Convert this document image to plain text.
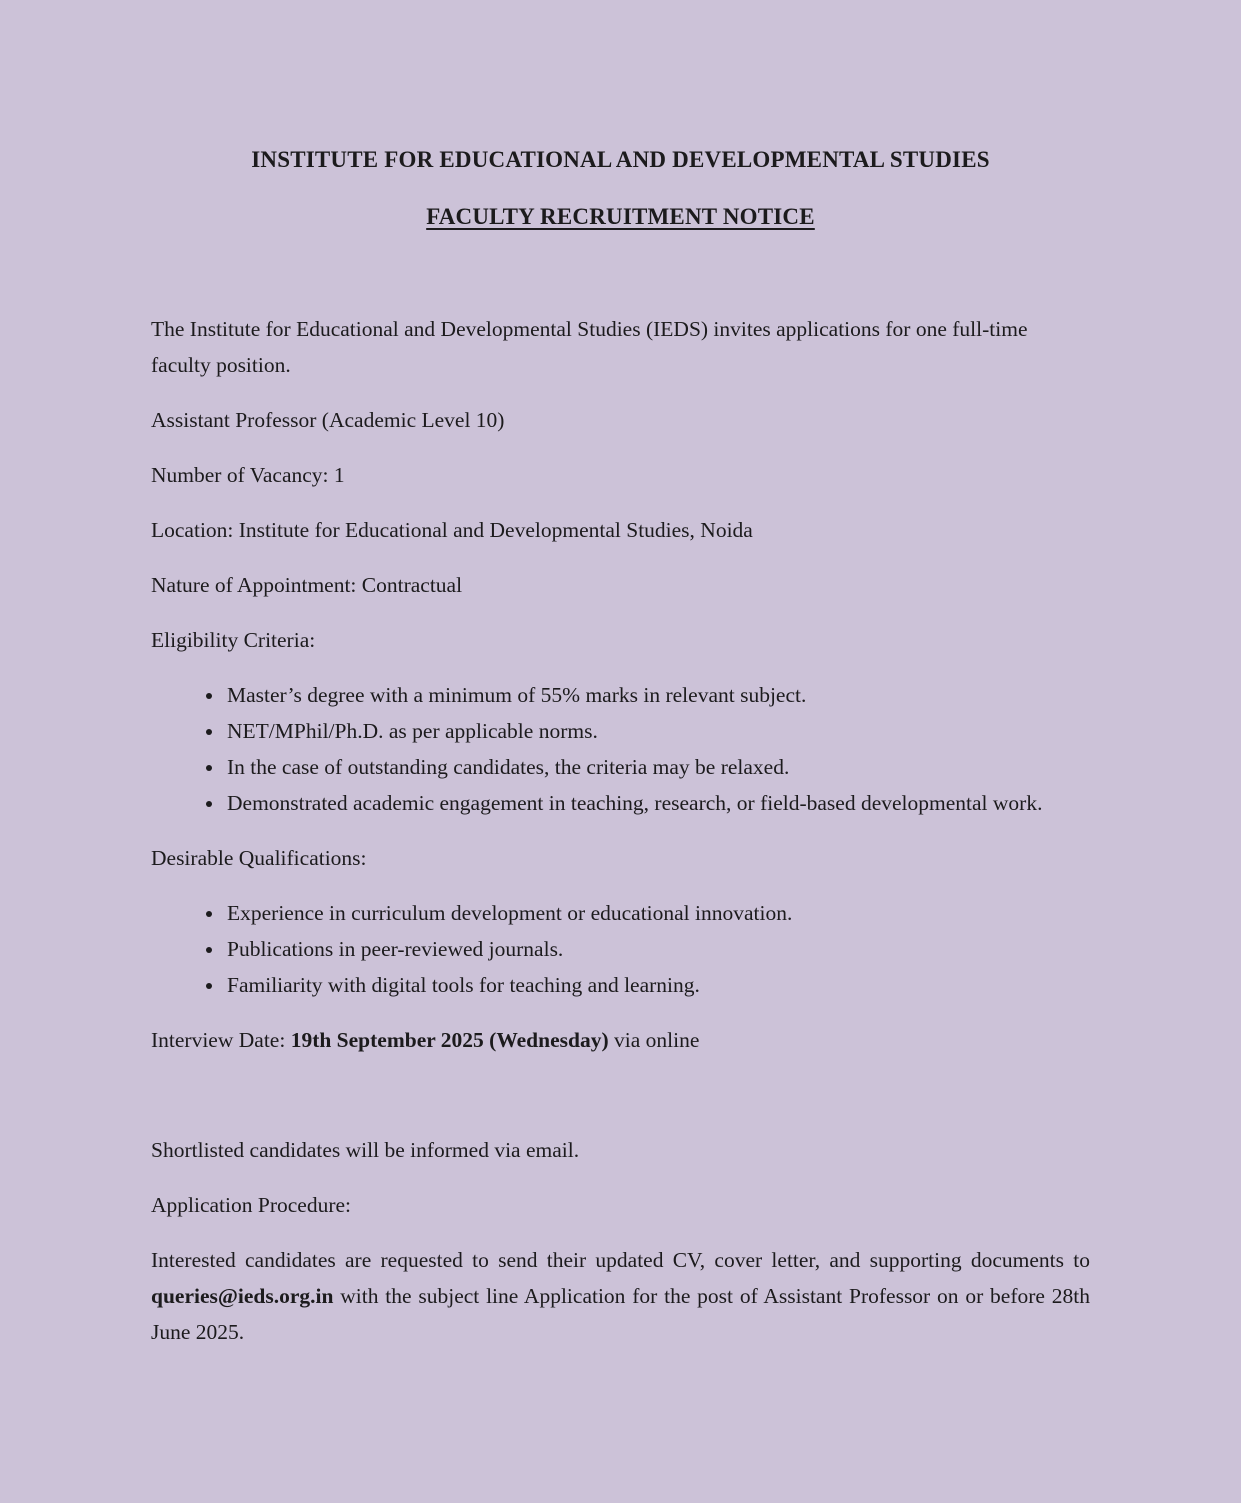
INSTITUTE FOR EDUCATIONAL AND DEVELOPMENTAL STUDIES
FACULTY RECRUITMENT NOTICE

The Institute for Educational and Developmental Studies (IEDS) invites applications for one full-time faculty position.

Assistant Professor (Academic Level 10)

Number of Vacancy: 1

Location: Institute for Educational and Developmental Studies, Noida

Nature of Appointment: Contractual

Eligibility Criteria:

• Master’s degree with a minimum of 55% marks in relevant subject.
• NET/MPhil/Ph.D. as per applicable norms.
• In the case of outstanding candidates, the criteria may be relaxed.
• Demonstrated academic engagement in teaching, research, or field-based developmental work.

Desirable Qualifications:

• Experience in curriculum development or educational innovation.
• Publications in peer-reviewed journals.
• Familiarity with digital tools for teaching and learning.

Interview Date: 19th September 2025 (Wednesday) via online

Shortlisted candidates will be informed via email.

Application Procedure:

Interested candidates are requested to send their updated CV, cover letter, and supporting documents to queries@ieds.org.in with the subject line Application for the post of Assistant Professor on or before 28th June 2025.
